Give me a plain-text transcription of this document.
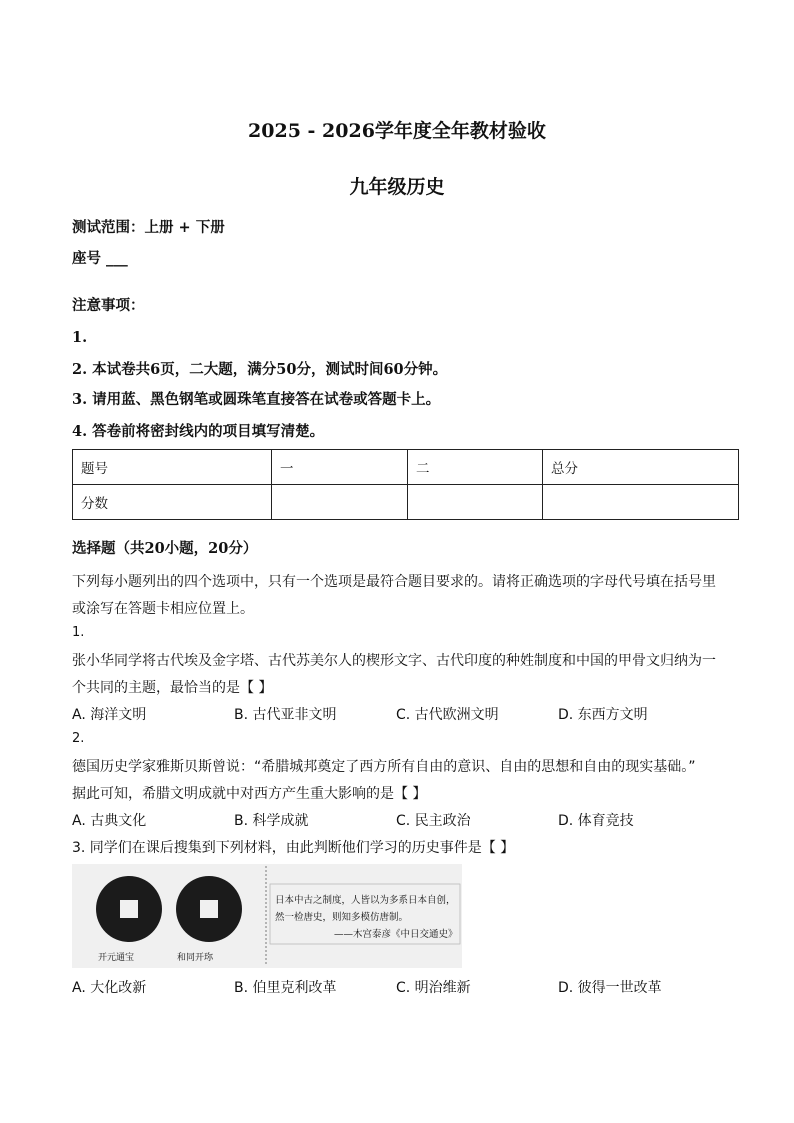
2025 - 2026学年度全年教材验收
九年级历史
测试范围：上册 + 下册
座号 ___
注意事项：
1.
2. 本试卷共6页，二大题，满分50分，测试时间60分钟。
3. 请用蓝、黑色钢笔或圆珠笔直接答在试卷或答题卡上。
4. 答卷前将密封线内的项目填写清楚。
题号	一	二	总分
分数			
选择题（共20小题，20分）
下列每小题列出的四个选项中，只有一个选项是最符合题目要求的。请将正确选项的字母代号填在括号里
或涂写在答题卡相应位置上。
1.
张小华同学将古代埃及金字塔、古代苏美尔人的楔形文字、古代印度的种姓制度和中国的甲骨文归纳为一
个共同的主题，最恰当的是【 】
A. 海洋文明	B. 古代亚非文明	C. 古代欧洲文明	D. 东西方文明
2.
德国历史学家雅斯贝斯曾说：“希腊城邦奠定了西方所有自由的意识、自由的思想和自由的现实基础。”
据此可知，希腊文明成就中对西方产生重大影响的是【 】
A. 古典文化	B. 科学成就	C. 民主政治	D. 体育竞技
3. 同学们在课后搜集到下列材料，由此判断他们学习的历史事件是【 】
开元通宝	和同开珎
日本中古之制度，人皆以为多系日本自创，
然一检唐史，则知多模仿唐制。
——木宫泰彦《中日交通史》
A. 大化改新	B. 伯里克利改革	C. 明治维新	D. 彼得一世改革
